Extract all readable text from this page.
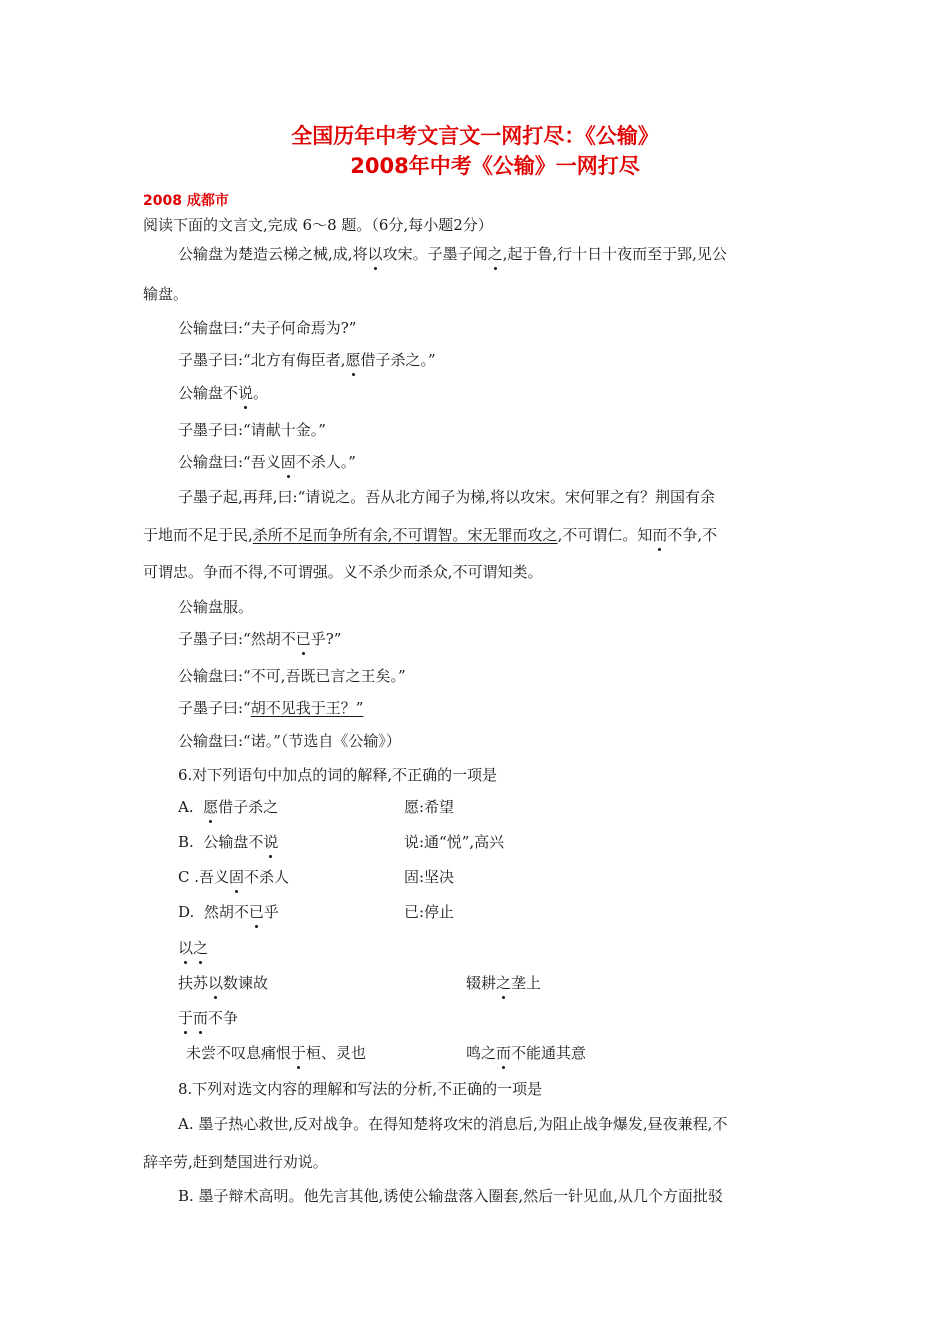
全国历年中考文言文一网打尽：《公输》
2008年中考《公输》一网打尽
2008 成都市
阅读下面的文言文,完成 6～8 题。（6分,每小题2分）
公输盘为楚造云梯之械,成,将以攻宋。子墨子闻之,起于鲁,行十日十夜而至于郢,见公
输盘。
公输盘曰:“夫子何命焉为?”
子墨子曰:“北方有侮臣者,愿借子杀之。”
公输盘不说。
子墨子曰:“请献十金。”
公输盘曰:“吾义固不杀人。”
子墨子起,再拜,曰:“请说之。吾从北方闻子为梯,将以攻宋。宋何罪之有？荆国有余
于地而不足于民,杀所不足而争所有余,不可谓智。宋无罪而攻之,不可谓仁。知而不争,不
可谓忠。争而不得,不可谓强。义不杀少而杀众,不可谓知类。
公输盘服。
子墨子曰:“然胡不已乎?”
公输盘曰:“不可,吾既已言之王矣。”
子墨子曰:“胡不见我于王？”
公输盘曰:“诺。”（节选自《公输》）
6.对下列语句中加点的词的解释,不正确的一项是
A. 愿借子杀之	愿:希望
B. 公输盘不说	说:通“悦”,高兴
C .吾义固不杀人	固:坚决
D. 然胡不已乎	已:停止
以之
扶苏以数谏故	辍耕之垄上
于而不争
未尝不叹息痛恨于桓、灵也	鸣之而不能通其意
8.下列对选文内容的理解和写法的分析,不正确的一项是
A. 墨子热心救世,反对战争。在得知楚将攻宋的消息后,为阻止战争爆发,昼夜兼程,不
辞辛劳,赶到楚国进行劝说。
B. 墨子辩术高明。他先言其他,诱使公输盘落入圈套,然后一针见血,从几个方面批驳
